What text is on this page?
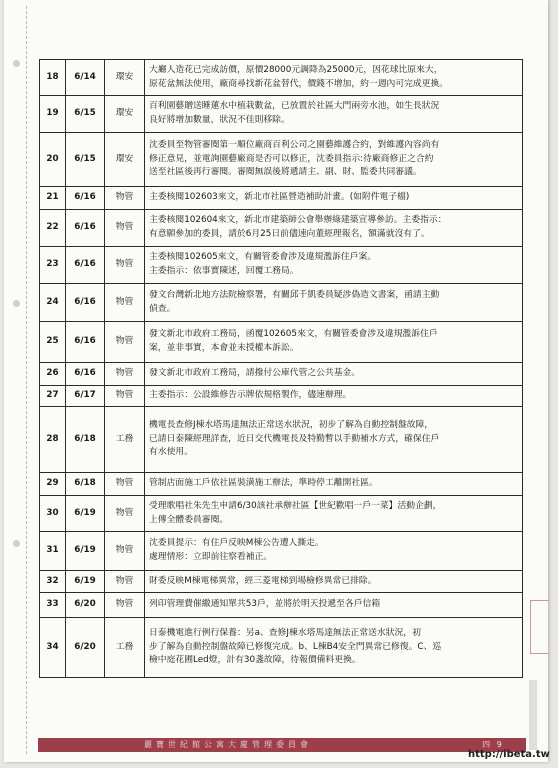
18	6/14	環安	大廳人造花已完成訪價，原價28000元調降為25000元，因花球比原來大，
原花盆無法使用，廠商尋找新花盆替代，價錢不增加，約一週內可完成更換。

19	6/15	環安	百利園藝贈送睡蓮水中植栽數盆，已放置於社區大門兩旁水池，如生長狀況
良好將增加數量，狀況不佳則移除。

20	6/15	環安	沈委員至物管審閱第一順位廠商百利公司之園藝維護合約，對維護內容尚有
修正意見，並電詢園藝廠商是否可以修正，沈委員指示:待廠商修正之合約
送至社區後再行審閱。審閱無誤後將遞請主、副、財、監委共同審議。

21	6/16	物管	主委核閱102603來文，新北市社區營造補助計畫。(如附件電子檔)

22	6/16	物管	主委核閱102604來文，新北市建築師公會舉辦綠建築宣導參訪。主委指示：
有意願參加的委員，請於6月25日前儘速向董經理報名，額滿就沒有了。

23	6/16	物管	主委核閱102605來文，有關管委會涉及違規濫訴住戶案。
主委指示：依事實陳述，回覆工務局。

24	6/16	物管	發文台灣新北地方法院檢察署，有關邱千凱委員疑涉偽造文書案，函請主動
偵查。

25	6/16	物管	發文新北市政府工務局，函覆102605來文，有關管委會涉及違規濫訴住戶
案，並非事實，本會並未授權本訴訟。

26	6/16	物管	發文新北市政府工務局，請撥付公庫代管之公共基金。

27	6/17	物管	主委指示：公設維修告示牌依規格製作，儘速辦理。

28	6/18	工務	機電長查修J棟水塔馬達無法正常送水狀況，初步了解為自動控制盤故障，
已請日泰陳經理詳查，近日交代機電長及特勤暫以手動補水方式，確保住戶
有水使用。

29	6/18	物管	管制店面施工戶依社區裝潢施工辦法，準時停工離開社區。

30	6/19	物管	受理歌唱社朱先生申請6/30該社承辦社區【世紀歡唱一戶一菜】活動企劃，
上傳全體委員審閱。

31	6/19	物管	沈委員提示：有住戶反映M棟公告遭人撕走。
處理情形：立即前往察看補正。

32	6/19	物管	財委反映M棟電梯異常，經三菱電梯到場檢修異常已排除。

33	6/20	物管	列印管理費催繳通知單共53戶，並將於明天投遞至各戶信箱

34	6/20	工務	日泰機電進行例行保養：另a、查修J棟水塔馬達無法正常送水狀況，初
步了解為自動控制盤故障已修復完成。b、L棟B4安全門異常已修復。C、巡
檢中庭花圃Led燈，計有30盞故障，待報價備料更換。
麗寶世紀館公寓大廈管理委員會	四 9
http://ibeta.tw
